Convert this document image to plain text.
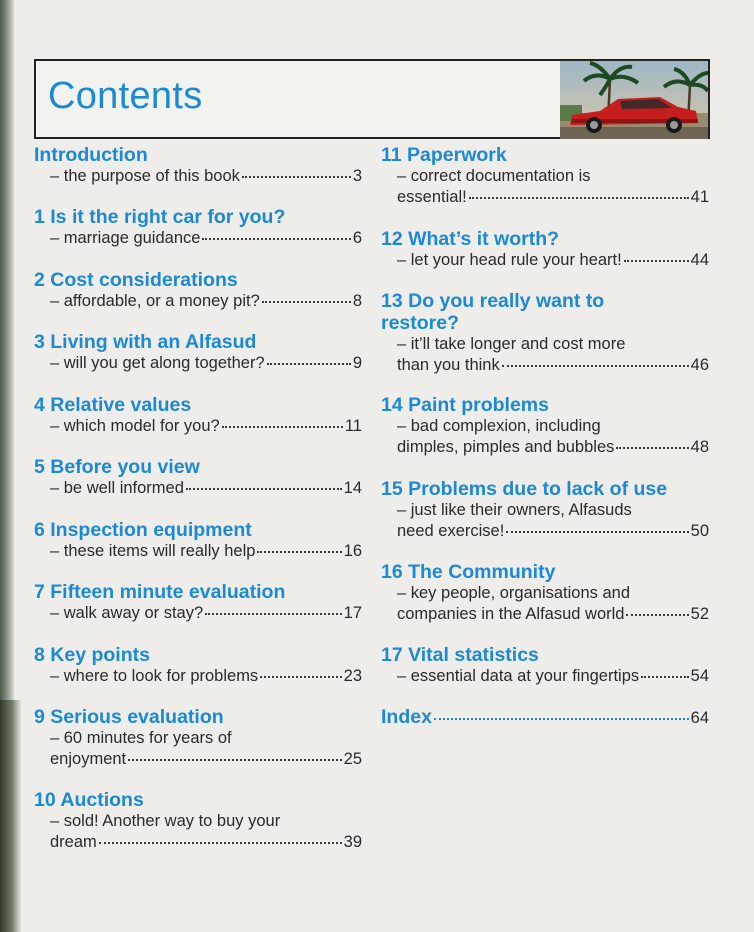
Contents
Introduction
– the purpose of this book	3
1 Is it the right car for you?
– marriage guidance	6
2 Cost considerations
– affordable, or a money pit?	8
3 Living with an Alfasud
– will you get along together?	9
4 Relative values
– which model for you?	11
5 Before you view
– be well informed	14
6 Inspection equipment
– these items will really help	16
7 Fifteen minute evaluation
– walk away or stay?	17
8 Key points
– where to look for problems	23
9 Serious evaluation
– 60 minutes for years of
enjoyment	25
10 Auctions
– sold! Another way to buy your
dream	39
11 Paperwork
– correct documentation is
essential!	41
12 What’s it worth?
– let your head rule your heart!	44
13 Do you really want to restore?
– it’ll take longer and cost more
than you think	46
14 Paint problems
– bad complexion, including
dimples, pimples and bubbles	48
15 Problems due to lack of use
– just like their owners, Alfasuds
need exercise!	50
16 The Community
– key people, organisations and
companies in the Alfasud world	52
17 Vital statistics
– essential data at your fingertips	54
Index	64
